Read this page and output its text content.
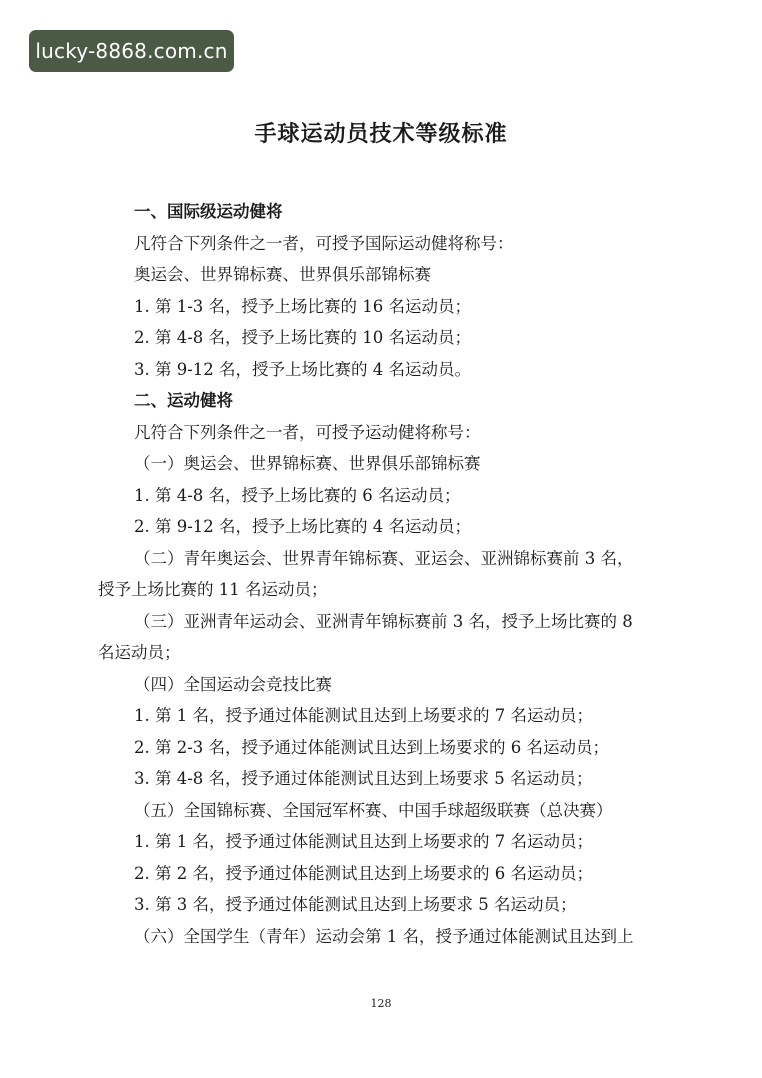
lucky-8868.com.cn
手球运动员技术等级标准
一、国际级运动健将
凡符合下列条件之一者，可授予国际运动健将称号：
奥运会、世界锦标赛、世界俱乐部锦标赛
1. 第 1-3 名，授予上场比赛的 16 名运动员；
2. 第 4-8 名，授予上场比赛的 10 名运动员；
3. 第 9-12 名，授予上场比赛的 4 名运动员。
二、运动健将
凡符合下列条件之一者，可授予运动健将称号：
（一）奥运会、世界锦标赛、世界俱乐部锦标赛
1. 第 4-8 名，授予上场比赛的 6 名运动员；
2. 第 9-12 名，授予上场比赛的 4 名运动员；
（二）青年奥运会、世界青年锦标赛、亚运会、亚洲锦标赛前 3 名，
授予上场比赛的 11 名运动员；
（三）亚洲青年运动会、亚洲青年锦标赛前 3 名，授予上场比赛的 8
名运动员；
（四）全国运动会竞技比赛
1. 第 1 名，授予通过体能测试且达到上场要求的 7 名运动员；
2. 第 2-3 名，授予通过体能测试且达到上场要求的 6 名运动员；
3. 第 4-8 名，授予通过体能测试且达到上场要求 5 名运动员；
（五）全国锦标赛、全国冠军杯赛、中国手球超级联赛（总决赛）
1. 第 1 名，授予通过体能测试且达到上场要求的 7 名运动员；
2. 第 2 名，授予通过体能测试且达到上场要求的 6 名运动员；
3. 第 3 名，授予通过体能测试且达到上场要求 5 名运动员；
（六）全国学生（青年）运动会第 1 名，授予通过体能测试且达到上
128
